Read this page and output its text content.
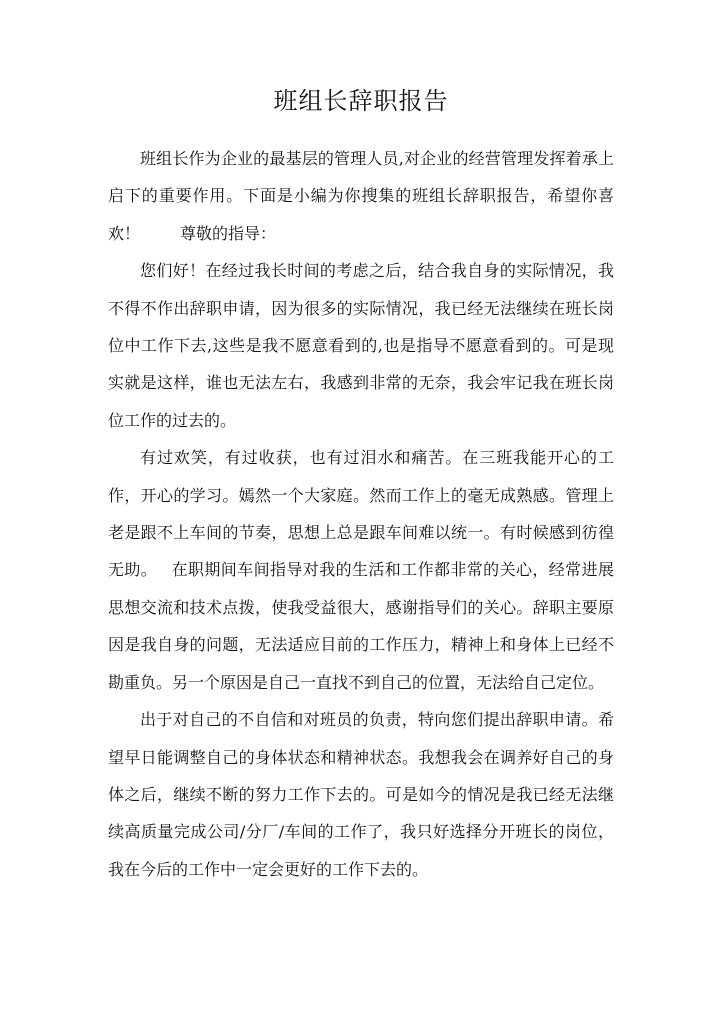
班组长辞职报告

班组长作为企业的最基层的管理人员,对企业的经营管理发挥着承上启下的重要作用。下面是小编为你搜集的班组长辞职报告，希望你喜欢！	尊敬的指导：

您们好！在经过我长时间的考虑之后，结合我自身的实际情况，我不得不作出辞职申请，因为很多的实际情况，我已经无法继续在班长岗位中工作下去,这些是我不愿意看到的,也是指导不愿意看到的。可是现实就是这样，谁也无法左右，我感到非常的无奈，我会牢记我在班长岗位工作的过去的。

有过欢笑，有过收获，也有过泪水和痛苦。在三班我能开心的工作，开心的学习。嫣然一个大家庭。然而工作上的毫无成熟感。管理上老是跟不上车间的节奏，思想上总是跟车间难以统一。有时候感到彷徨无助。 在职期间车间指导对我的生活和工作都非常的关心，经常进展思想交流和技术点拨，使我受益很大，感谢指导们的关心。辞职主要原因是我自身的问题，无法适应目前的工作压力，精神上和身体上已经不勘重负。另一个原因是自己一直找不到自己的位置，无法给自己定位。

出于对自己的不自信和对班员的负责，特向您们提出辞职申请。希望早日能调整自己的身体状态和精神状态。我想我会在调养好自己的身体之后，继续不断的努力工作下去的。可是如今的情况是我已经无法继续高质量完成公司/分厂/车间的工作了，我只好选择分开班长的岗位，我在今后的工作中一定会更好的工作下去的。
